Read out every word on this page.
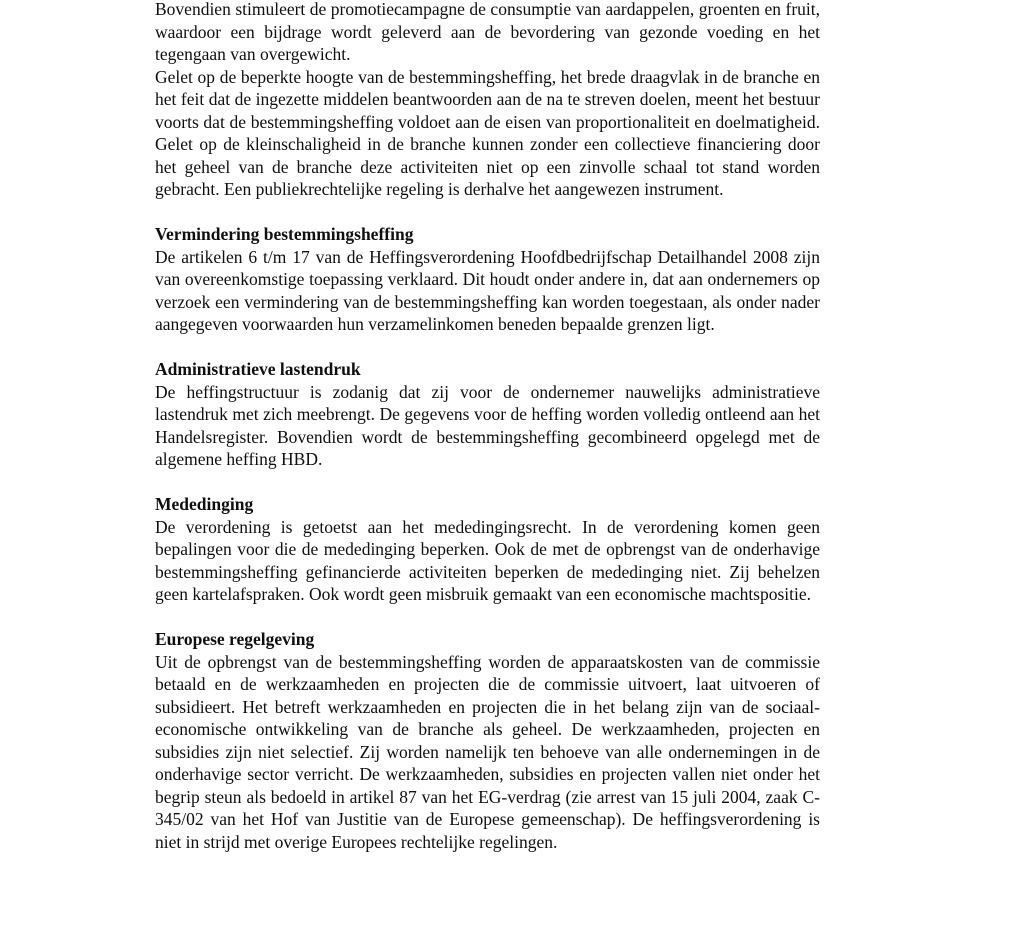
Bovendien stimuleert de promotiecampagne de consumptie van aardappelen, groenten en fruit, waardoor een bijdrage wordt geleverd aan de bevordering van gezonde voeding en het tegengaan van overgewicht.

Gelet op de beperkte hoogte van de bestemmingsheffing, het brede draagvlak in de branche en het feit dat de ingezette middelen beantwoorden aan de na te streven doelen, meent het bestuur voorts dat de bestemmingsheffing voldoet aan de eisen van proportionaliteit en doelmatigheid. Gelet op de kleinschaligheid in de branche kunnen zonder een collectieve financiering door het geheel van de branche deze activiteiten niet op een zinvolle schaal tot stand worden gebracht. Een publiekrechtelijke regeling is derhalve het aangewezen instrument.

Vermindering bestemmingsheffing

De artikelen 6 t/m 17 van de Heffingsverordening Hoofdbedrijfschap Detailhandel 2008 zijn van overeenkomstige toepassing verklaard. Dit houdt onder andere in, dat aan ondernemers op verzoek een vermindering van de bestemmingsheffing kan worden toegestaan, als onder nader aangegeven voorwaarden hun verzamelinkomen beneden bepaalde grenzen ligt.

Administratieve lastendruk

De heffingstructuur is zodanig dat zij voor de ondernemer nauwelijks administratieve lastendruk met zich meebrengt. De gegevens voor de heffing worden volledig ontleend aan het Handelsregister. Bovendien wordt de bestemmingsheffing gecombineerd opgelegd met de algemene heffing HBD.

Mededinging

De verordening is getoetst aan het mededingingsrecht. In de verordening komen geen bepalingen voor die de mededinging beperken. Ook de met de opbrengst van de onderhavige bestemmingsheffing gefinancierde activiteiten beperken de mededinging niet. Zij behelzen geen kartelafspraken. Ook wordt geen misbruik gemaakt van een economische machtspositie.

Europese regelgeving

Uit de opbrengst van de bestemmingsheffing worden de apparaatskosten van de commissie betaald en de werkzaamheden en projecten die de commissie uitvoert, laat uitvoeren of subsidieert. Het betreft werkzaamheden en projecten die in het belang zijn van de sociaal-economische ontwikkeling van de branche als geheel. De werkzaamheden, projecten en subsidies zijn niet selectief. Zij worden namelijk ten behoeve van alle ondernemingen in de onderhavige sector verricht. De werkzaamheden, subsidies en projecten vallen niet onder het begrip steun als bedoeld in artikel 87 van het EG-verdrag (zie arrest van 15 juli 2004, zaak C-345/02 van het Hof van Justitie van de Europese gemeenschap). De heffingsverordening is niet in strijd met overige Europees rechtelijke regelingen.
